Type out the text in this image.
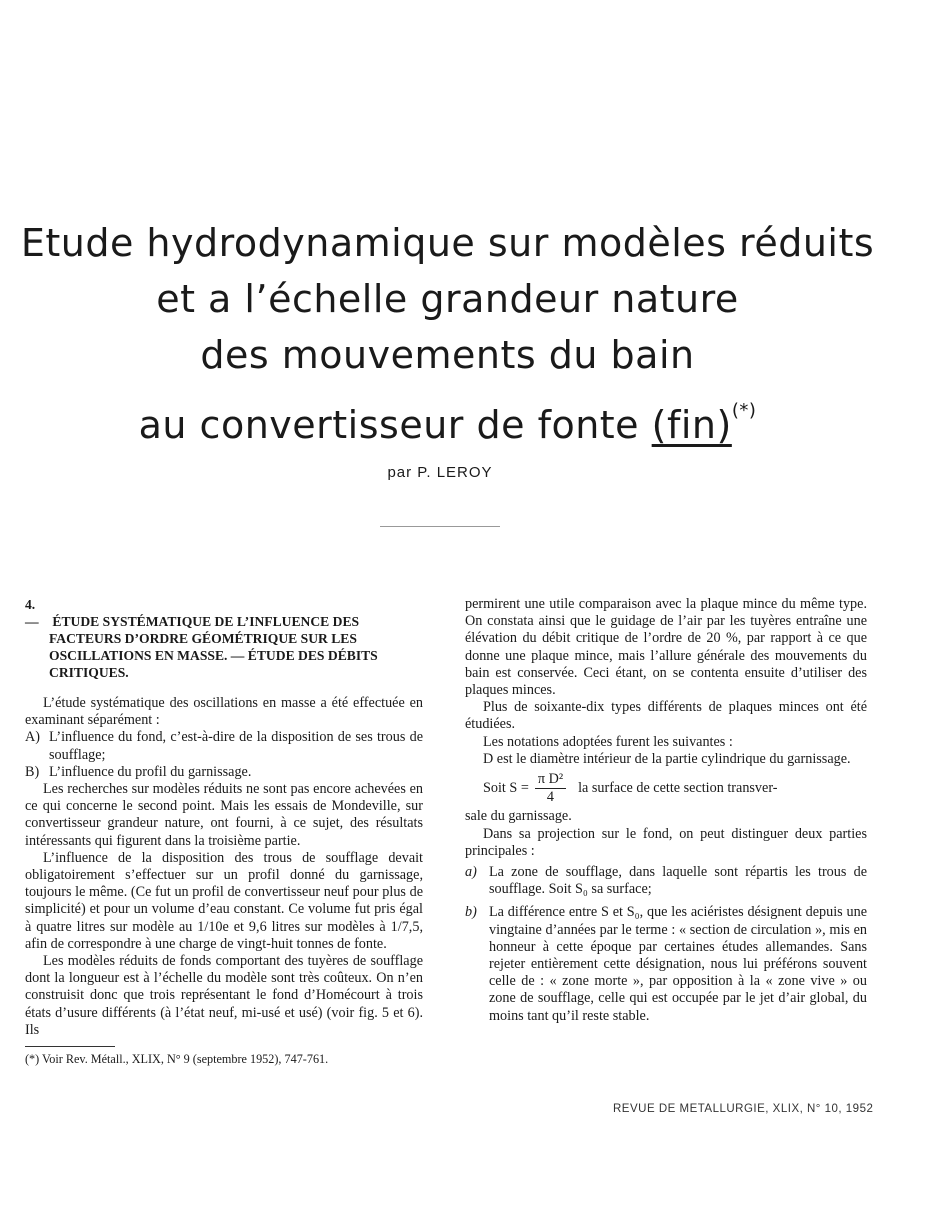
Etude hydrodynamique sur modèles réduits
et a l’échelle grandeur nature
des mouvements du bain
au convertisseur de fonte (fin)(*)
par P. LEROY
4. — ÉTUDE SYSTÉMATIQUE DE L’INFLUENCE DES FACTEURS D’ORDRE GÉOMÉTRIQUE SUR LES OSCILLATIONS EN MASSE. — ÉTUDE DES DÉBITS CRITIQUES.

L’étude systématique des oscillations en masse a été effectuée en examinant séparément :

A) L’influence du fond, c’est-à-dire de la disposition de ses trous de soufflage;
B) L’influence du profil du garnissage.

Les recherches sur modèles réduits ne sont pas encore achevées en ce qui concerne le second point. Mais les essais de Mondeville, sur convertisseur grandeur nature, ont fourni, à ce sujet, des résultats intéressants qui figurent dans la troisième partie.

L’influence de la disposition des trous de soufflage devait obligatoirement s’effectuer sur un profil donné du garnissage, toujours le même. (Ce fut un profil de convertisseur neuf pour plus de simplicité) et pour un volume d’eau constant. Ce volume fut pris égal à quatre litres sur modèle au 1/10e et 9,6 litres sur modèles à 1/7,5, afin de correspondre à une charge de vingt-huit tonnes de fonte.

Les modèles réduits de fonds comportant des tuyères de soufflage dont la longueur est à l’échelle du modèle sont très coûteux. On n’en construisit donc que trois représentant le fond d’Homécourt à trois états d’usure différents (à l’état neuf, mi-usé et usé) (voir fig. 5 et 6). Ils

(*) Voir Rev. Métall., XLIX, N° 9 (septembre 1952), 747-761.

permirent une utile comparaison avec la plaque mince du même type. On constata ainsi que le guidage de l’air par les tuyères entraîne une élévation du débit critique de l’ordre de 20 %, par rapport à ce que donne une plaque mince, mais l’allure générale des mouvements du bain est conservée. Ceci étant, on se contenta ensuite d’utiliser des plaques minces.

Plus de soixante-dix types différents de plaques minces ont été étudiées.

Les notations adoptées furent les suivantes :

D est le diamètre intérieur de la partie cylindrique du garnissage.

Soit $S = \frac{\text{π D²}}{4}$ la surface de cette section transver-

sale du garnissage.

Dans sa projection sur le fond, on peut distinguer deux parties principales :

a) La zone de soufflage, dans laquelle sont répartis les trous de soufflage. Soit S₀ sa surface;
b) La différence entre S et S₀, que les aciéristes désignent depuis une vingtaine d’années par le terme : « section de circulation », mis en honneur à cette époque par certaines études allemandes. Sans rejeter entièrement cette désignation, nous lui préférons souvent celle de : « zone morte », par opposition à la « zone vive » ou zone de soufflage, celle qui est occupée par le jet d’air global, du moins tant qu’il reste stable.
REVUE DE METALLURGIE, XLIX, N° 10, 1952
